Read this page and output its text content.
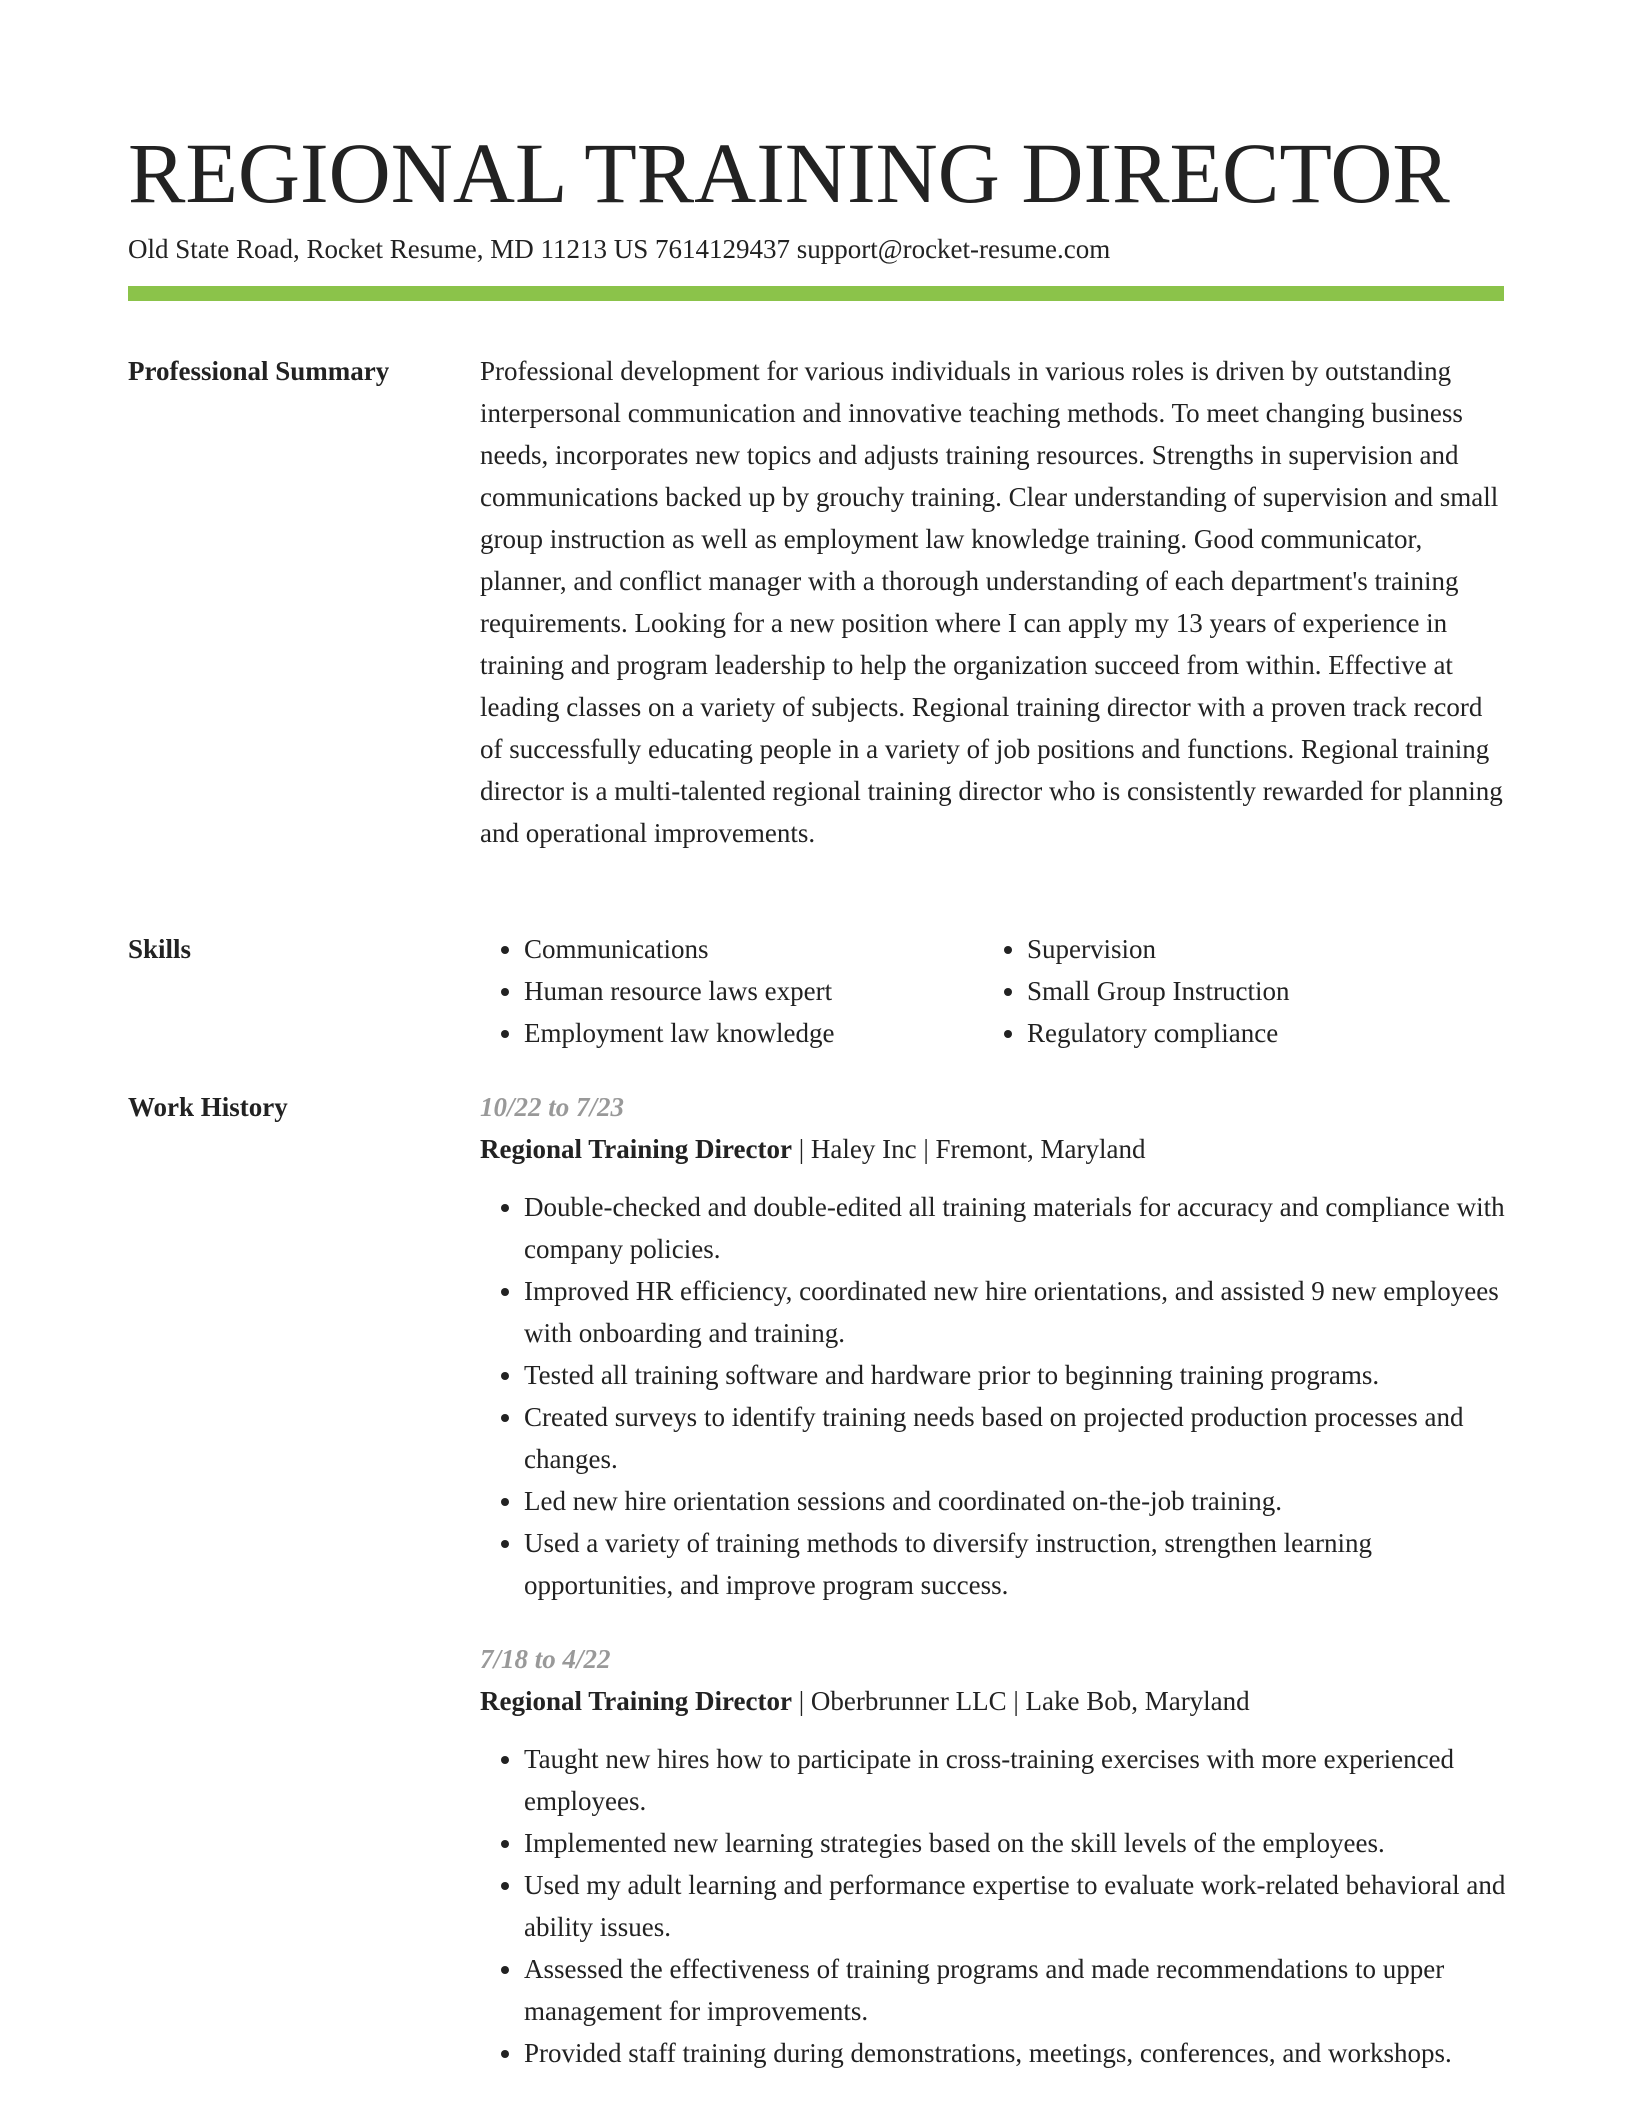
REGIONAL TRAINING DIRECTOR
Old State Road, Rocket Resume, MD 11213 US 7614129437 support@rocket-resume.com
Professional Summary	Professional development for various individuals in various roles is driven by outstanding interpersonal communication and innovative teaching methods. To meet changing business needs, incorporates new topics and adjusts training resources. Strengths in supervision and communications backed up by grouchy training. Clear understanding of supervision and small group instruction as well as employment law knowledge training. Good communicator, planner, and conflict manager with a thorough understanding of each department's training requirements. Looking for a new position where I can apply my 13 years of experience in training and program leadership to help the organization succeed from within. Effective at leading classes on a variety of subjects. Regional training director with a proven track record of successfully educating people in a variety of job positions and functions. Regional training director is a multi-talented regional training director who is consistently rewarded for planning and operational improvements.

Skills
•	Communications
• Human resource laws expert
• Employment law knowledge
• Supervision
• Small Group Instruction
• Regulatory compliance
Work History	10/22 to 7/23

Regional Training Director | Haley Inc | Fremont, Maryland

• Double-checked and double-edited all training materials for accuracy and compliance with company policies.
• Improved HR efficiency, coordinated new hire orientations, and assisted 9 new employees with onboarding and training.
• Tested all training software and hardware prior to beginning training programs.
• Created surveys to identify training needs based on projected production processes and changes.
• Led new hire orientation sessions and coordinated on-the-job training.
• Used a variety of training methods to diversify instruction, strengthen learning opportunities, and improve program success.

7/18 to 4/22

Regional Training Director | Oberbrunner LLC | Lake Bob, Maryland

• Taught new hires how to participate in cross-training exercises with more experienced employees.
• Implemented new learning strategies based on the skill levels of the employees.
• Used my adult learning and performance expertise to evaluate work-related behavioral and ability issues.
• Assessed the effectiveness of training programs and made recommendations to upper management for improvements.
• Provided staff training during demonstrations, meetings, conferences, and workshops.
